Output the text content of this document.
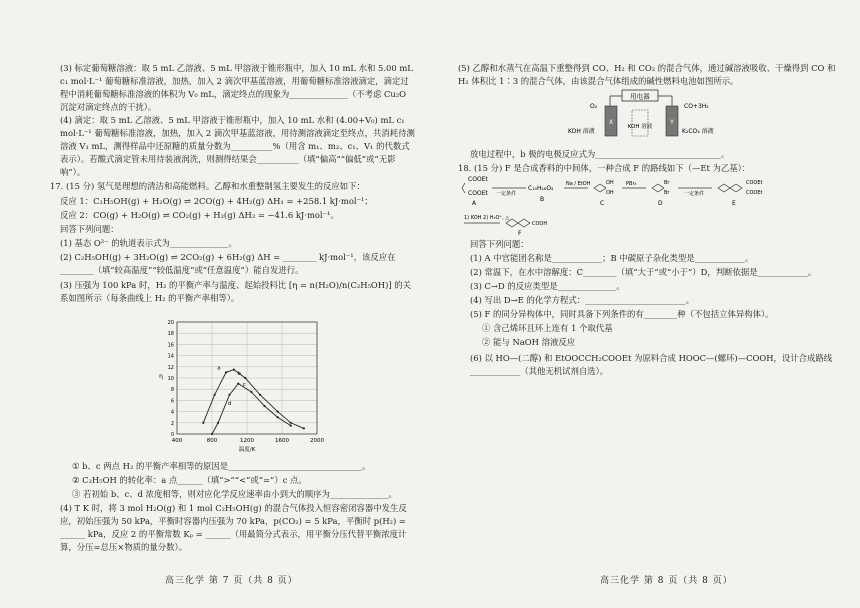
(3) 标定葡萄糖溶液：取 5 mL 乙溶液、5 mL 甲溶液于锥形瓶中，加入 10 mL 水和 5.00 mL c₁ mol·L⁻¹ 葡萄糖标准溶液，加热，加入 2 滴次甲基蓝溶液，用葡萄糖标准溶液滴定，滴定过程中消耗葡萄糖标准溶液的体积为 V₀ mL，滴定终点的现象为______________（不考虑 Cu₂O 沉淀对滴定终点的干扰）。

(4) 滴定：取 5 mL 乙溶液、5 mL 甲溶液于锥形瓶中，加入 10 mL 水和 (4.00+V₀) mL c₁ mol·L⁻¹ 葡萄糖标准溶液，加热，加入 2 滴次甲基蓝溶液，用待测溶液滴定至终点，共消耗待测溶液 V₁ mL，测得样品中还原糖的质量分数为__________%（用含 m₁、m₂、c₁、V₁ 的代数式表示）。若酸式滴定管未用待装液润洗，则测得结果会__________（填“偏高”“偏低”或“无影响”）。

17. (15 分) 氢气是理想的清洁和高能燃料。乙醇和水重整制氢主要发生的反应如下：

反应 1：C₂H₅OH(g) + H₂O(g) ⇌ 2CO(g) + 4H₂(g) ΔH₁ = +258.1 kJ·mol⁻¹；

反应 2：CO(g) + H₂O(g) ⇌ CO₂(g) + H₂(g) ΔH₂ = −41.6 kJ·mol⁻¹。

回答下列问题：

(1) 基态 O²⁻ 的轨道表示式为______________。

(2) C₂H₅OH(g) + 3H₂O(g) ⇌ 2CO₂(g) + 6H₂(g) ΔH = ________ kJ·mol⁻¹，该反应在________（填“较高温度”“较低温度”或“任意温度”）能自发进行。

(3) 压强为 100 kPa 时，H₂ 的平衡产率与温度、起始投料比 [η = n(H₂O)/n(C₂H₅OH)] 的关系如图所示（每条曲线上 H₂ 的平衡产率相等）。

400	800	1200	1600	2000
0
2
4
6
8
10
12
14
16
18
20
温度/K
η
a
b
c
d

① b、c 两点 H₂ 的平衡产率相等的原因是________________________________。

② C₂H₅OH 的转化率：a 点______（填“>”“<”或“=”）c 点。

③ 若初始 b、c、d 浓度相等，则对应化学反应速率由小到大的顺序为______________。

(4) T K 时，将 3 mol H₂O(g) 和 1 mol C₂H₅OH(g) 的混合气体投入恒容密闭容器中发生反应，初始压强为 50 kPa，平衡时容器内压强为 70 kPa，p(CO₂) = 5 kPa，平衡时 p(H₂) = ______ kPa，反应 2 的平衡常数 Kₚ = ______（用最简分式表示，用平衡分压代替平衡浓度计算，分压=总压×物质的量分数）。

高三化学 第 7 页（共 8 页）

(5) 乙醇和水蒸气在高温下重整得到 CO、H₂ 和 CO₂ 的混合气体，通过碱溶液吸收、干燥得到 CO 和 H₂ 体积比 1∶3 的混合气体，由该混合气体组成的碱性燃料电池如图所示。

用电器
O₂	CO+3H₂
KOH 溶液
KOH 溶液
K₂CO₃ 溶液
X	Y

放电过程中，b 极的电极反应式为______________________________。

18. (15 分) F 是合成香料的中间体，一种合成 F 的路线如下（—Et 为乙基）：

COOEt
COOEt
A
一定条件
C₁₀H₁₈O₄
B
Na / EtOH	OH
OH
C
PBr₃	Br
Br
D
一定条件
COOEt
COOEt
E
1) KOH 2) H₃O⁺, △
COOH
F

回答下列问题：

(1) A 中官能团名称是____________；B 中碳原子杂化类型是____________。

(2) 常温下，在水中溶解度：C________（填“大于”或“小于”）D，判断依据是____________。

(3) C→D 的反应类型是______________。

(4) 写出 D→E 的化学方程式：________________________。

(5) F 的同分异构体中，同时具备下列条件的有________种（不包括立体异构体）。

① 含己烯环且环上连有 1 个取代基

② 能与 NaOH 溶液反应

(6) 以 HO—(二醇) 和 EtOOCCH₂COOEt 为原料合成 HOOC—(螺环)—COOH，设计合成路线____________（其他无机试剂自选）。

高三化学 第 8 页（共 8 页）
